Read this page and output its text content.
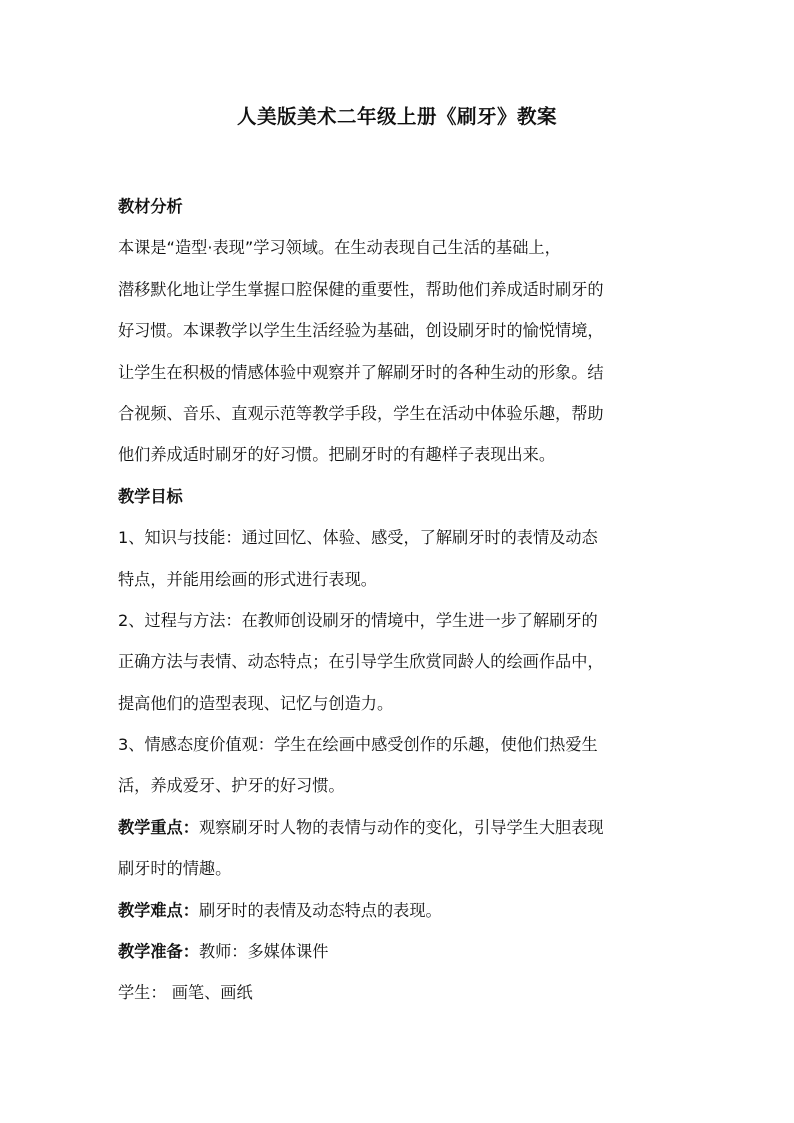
人美版美术二年级上册《刷牙》教案
教材分析
本课是“造型·表现”学习领域。在生动表现自己生活的基础上，
潜移默化地让学生掌握口腔保健的重要性，帮助他们养成适时刷牙的
好习惯。本课教学以学生生活经验为基础，创设刷牙时的愉悦情境，
让学生在积极的情感体验中观察并了解刷牙时的各种生动的形象。结
合视频、音乐、直观示范等教学手段，学生在活动中体验乐趣，帮助
他们养成适时刷牙的好习惯。把刷牙时的有趣样子表现出来。
教学目标
1、知识与技能：通过回忆、体验、感受，了解刷牙时的表情及动态
特点，并能用绘画的形式进行表现。
2、过程与方法：在教师创设刷牙的情境中，学生进一步了解刷牙的
正确方法与表情、动态特点；在引导学生欣赏同龄人的绘画作品中，
提高他们的造型表现、记忆与创造力。
3、情感态度价值观：学生在绘画中感受创作的乐趣，使他们热爱生
活，养成爱牙、护牙的好习惯。
教学重点：观察刷牙时人物的表情与动作的变化，引导学生大胆表现
刷牙时的情趣。
教学难点：刷牙时的表情及动态特点的表现。
教学准备：教师：多媒体课件
学生： 画笔、画纸
